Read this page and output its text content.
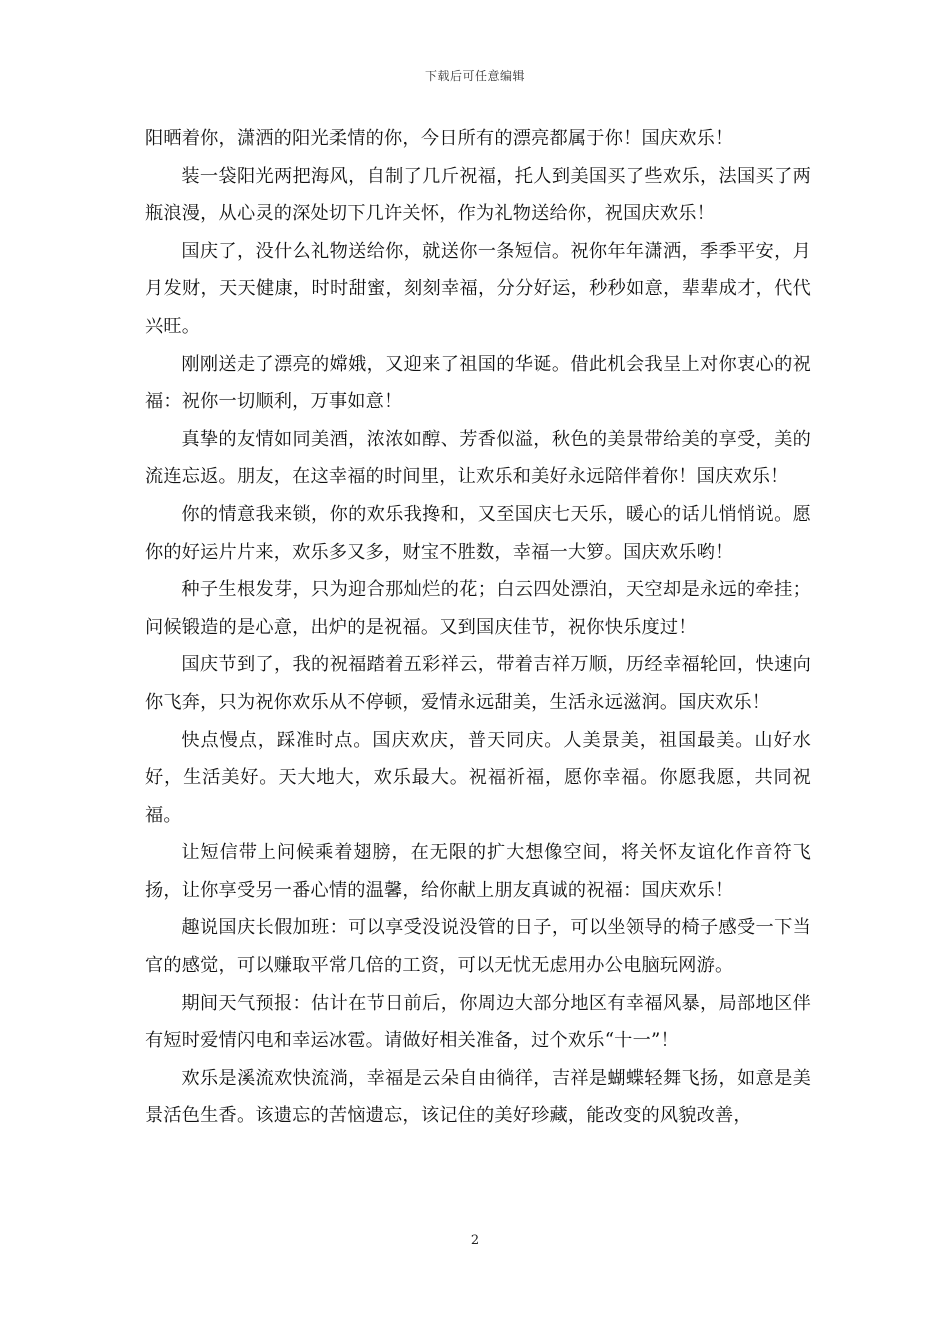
下载后可任意编辑

阳晒着你，潇洒的阳光柔情的你，今日所有的漂亮都属于你！国庆欢乐！

装一袋阳光两把海风，自制了几斤祝福，托人到美国买了些欢乐，法国买了两瓶浪漫，从心灵的深处切下几许关怀，作为礼物送给你，祝国庆欢乐！

国庆了，没什么礼物送给你，就送你一条短信。祝你年年潇洒，季季平安，月月发财，天天健康，时时甜蜜，刻刻幸福，分分好运，秒秒如意，辈辈成才，代代兴旺。

刚刚送走了漂亮的嫦娥，又迎来了祖国的华诞。借此机会我呈上对你衷心的祝福：祝你一切顺利，万事如意！

真挚的友情如同美酒，浓浓如醇、芳香似溢，秋色的美景带给美的享受，美的流连忘返。朋友，在这幸福的时间里，让欢乐和美好永远陪伴着你！国庆欢乐！

你的情意我来锁，你的欢乐我搀和，又至国庆七天乐，暖心的话儿悄悄说。愿你的好运片片来，欢乐多又多，财宝不胜数，幸福一大箩。国庆欢乐哟！

种子生根发芽，只为迎合那灿烂的花；白云四处漂泊，天空却是永远的牵挂；问候锻造的是心意，出炉的是祝福。又到国庆佳节，祝你快乐度过！

国庆节到了，我的祝福踏着五彩祥云，带着吉祥万顺，历经幸福轮回，快速向你飞奔，只为祝你欢乐从不停顿，爱情永远甜美，生活永远滋润。国庆欢乐！

快点慢点，踩准时点。国庆欢庆，普天同庆。人美景美，祖国最美。山好水好，生活美好。天大地大，欢乐最大。祝福祈福，愿你幸福。你愿我愿，共同祝福。

让短信带上问候乘着翅膀，在无限的扩大想像空间，将关怀友谊化作音符飞扬，让你享受另一番心情的温馨，给你献上朋友真诚的祝福：国庆欢乐！

趣说国庆长假加班：可以享受没说没管的日子，可以坐领导的椅子感受一下当官的感觉，可以赚取平常几倍的工资，可以无忧无虑用办公电脑玩网游。

期间天气预报：估计在节日前后，你周边大部分地区有幸福风暴，局部地区伴有短时爱情闪电和幸运冰雹。请做好相关准备，过个欢乐“十一”！

欢乐是溪流欢快流淌，幸福是云朵自由徜徉，吉祥是蝴蝶轻舞飞扬，如意是美景活色生香。该遗忘的苦恼遗忘，该记住的美好珍藏，能改变的风貌改善，

2
